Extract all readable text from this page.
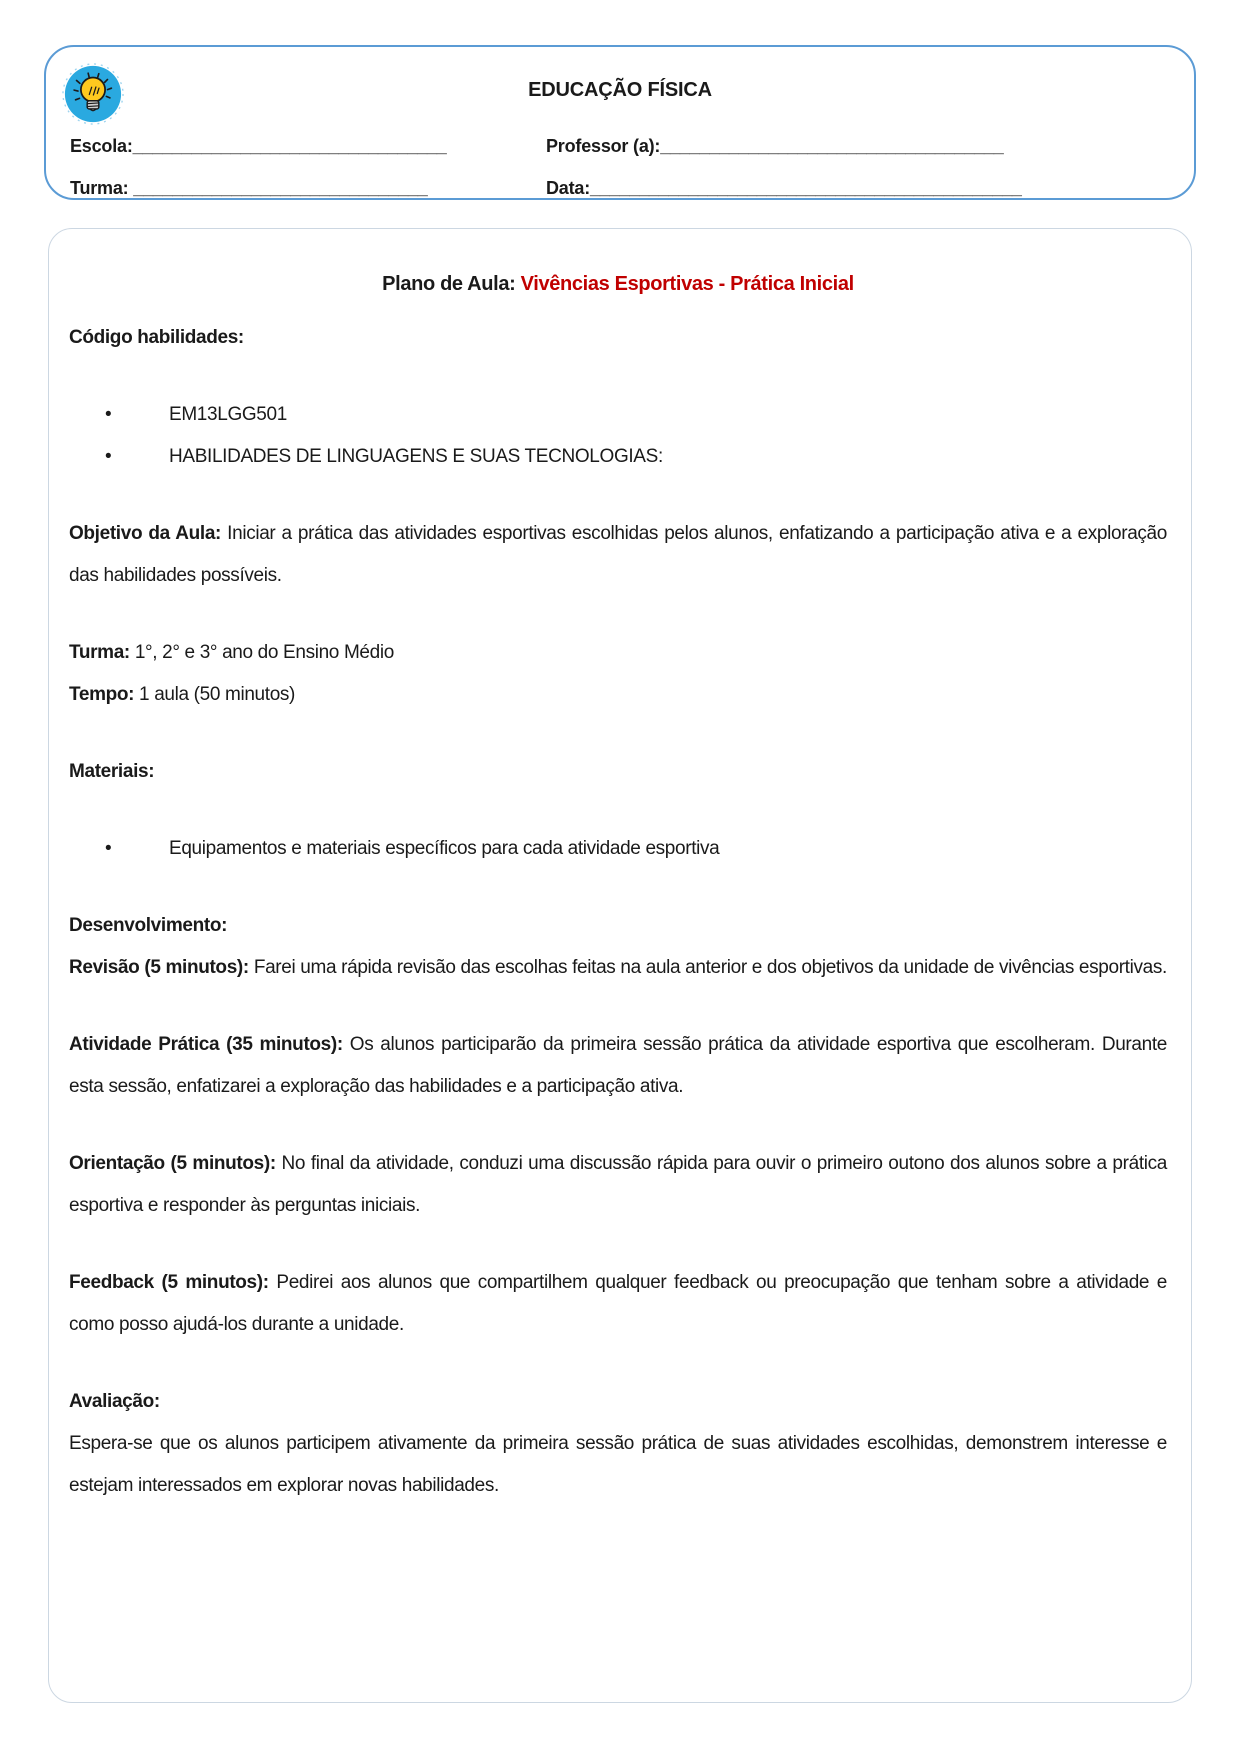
EDUCAÇÃO FÍSICA
Escola:________________________________	Professor (a):___________________________________
Turma: ______________________________	Data:____________________________________________

Plano de Aula: Vivências Esportivas - Prática Inicial

Código habilidades:

• EM13LGG501
• HABILIDADES DE LINGUAGENS E SUAS TECNOLOGIAS:

Objetivo da Aula: Iniciar a prática das atividades esportivas escolhidas pelos alunos, enfatizando a participação ativa e a exploração das habilidades possíveis.

Turma: 1°, 2° e 3° ano do Ensino Médio

Tempo: 1 aula (50 minutos)

Materiais:

• Equipamentos e materiais específicos para cada atividade esportiva

Desenvolvimento:

Revisão (5 minutos): Farei uma rápida revisão das escolhas feitas na aula anterior e dos objetivos da unidade de vivências esportivas.

Atividade Prática (35 minutos): Os alunos participarão da primeira sessão prática da atividade esportiva que escolheram. Durante esta sessão, enfatizarei a exploração das habilidades e a participação ativa.

Orientação (5 minutos): No final da atividade, conduzi uma discussão rápida para ouvir o primeiro outono dos alunos sobre a prática esportiva e responder às perguntas iniciais.

Feedback (5 minutos): Pedirei aos alunos que compartilhem qualquer feedback ou preocupação que tenham sobre a atividade e como posso ajudá-los durante a unidade.

Avaliação:

Espera-se que os alunos participem ativamente da primeira sessão prática de suas atividades escolhidas, demonstrem interesse e estejam interessados em explorar novas habilidades.
